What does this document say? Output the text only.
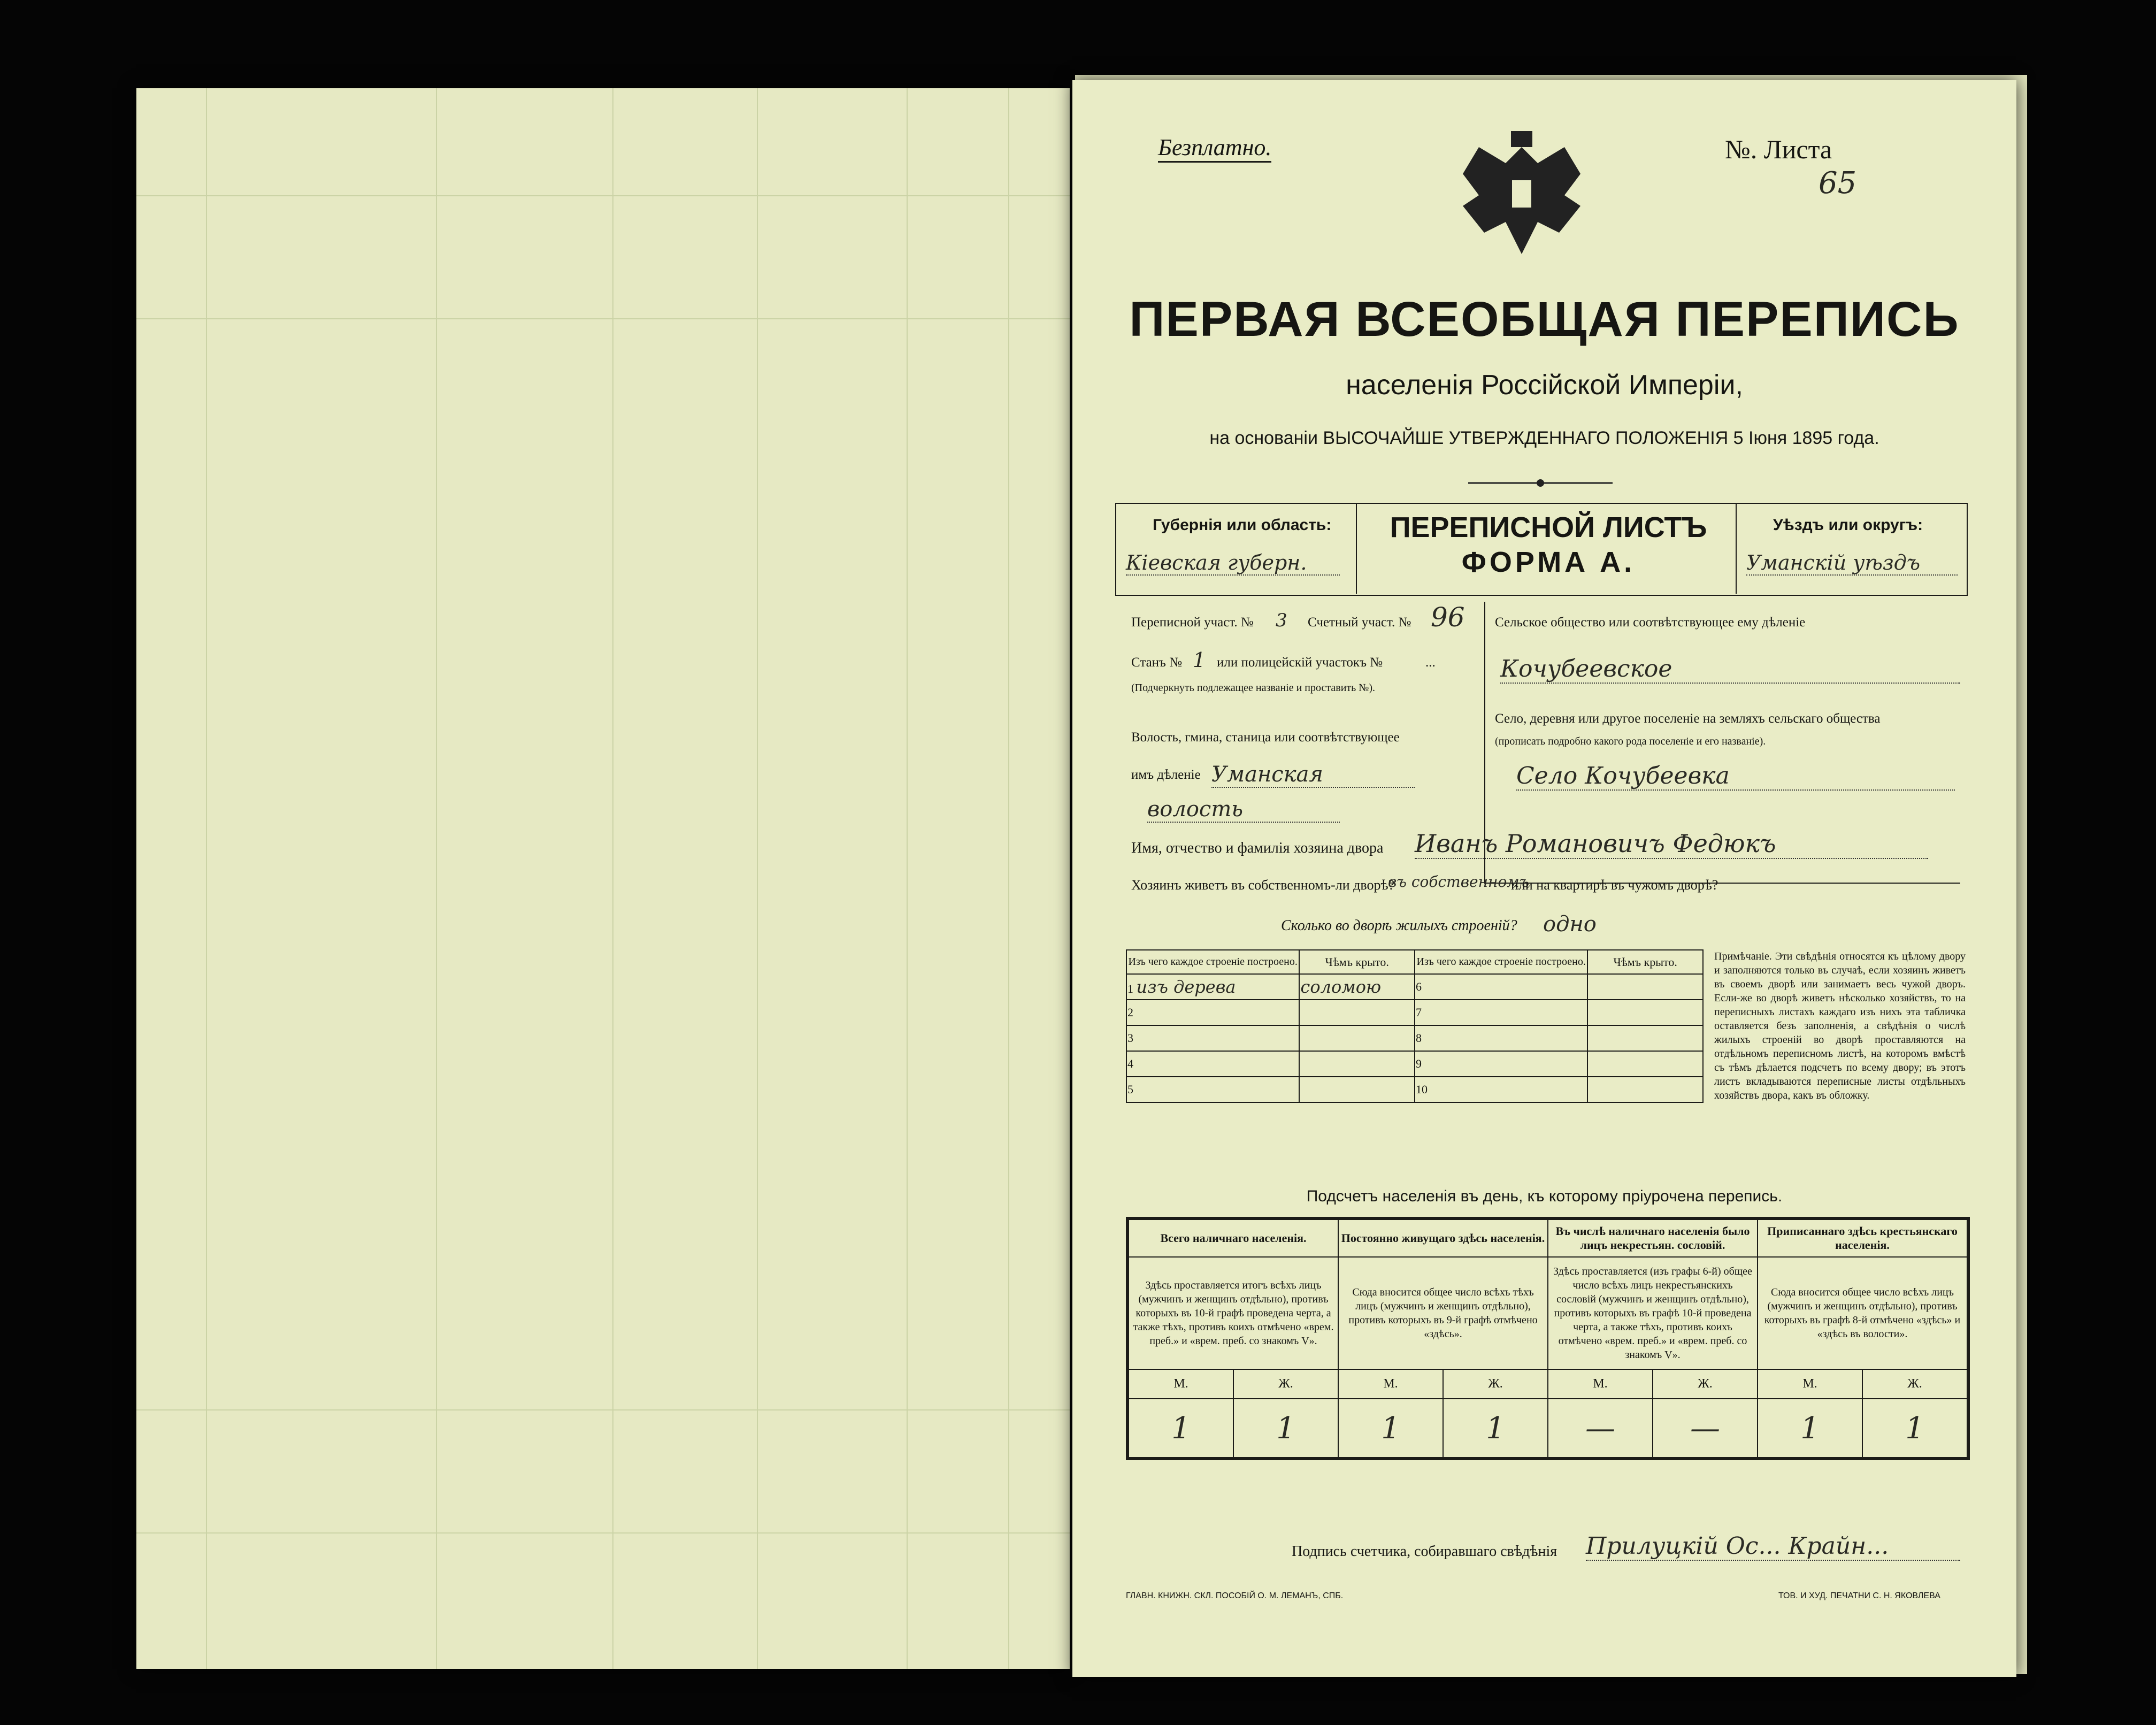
Безплатно.	№. Листа
65
ПЕРВАЯ ВСЕОБЩАЯ ПЕРЕПИСЬ
населенія Россійской Имперіи,
на основаніи ВЫСОЧАЙШЕ УТВЕРЖДЕННАГО ПОЛОЖЕНІЯ 5 Іюня 1895 года.
Губернія или область:
Кіевская губерн.
ПЕРЕПИСНОЙ ЛИСТЪ
ФОРМА А.
Уѣздъ или округъ:
Уманскій уѣздъ
Переписной участ. № 3 Счетный участ. № 96
Станъ № 1 или полицейскій участокъ №	...
(Подчеркнуть подлежащее названіе и проставить №).
Волость, гмина, станица или соотвѣтствующее
имъ дѣленіе Уманская
волость
Сельское общество или соотвѣтствующее ему дѣленіе
Кочубеевское
Село, деревня или другое поселеніе на земляхъ сельскаго общества
(прописать подробно какого рода поселеніе и его названіе).
Село Кочубеевка
Имя, отчество и фамилія хозяина двора Иванъ Романовичъ Федюкъ
Хозяинъ живетъ въ собственномъ-ли дворѣ?
въ собственномъ
или на квартирѣ въ чужомъ дворѣ?
Сколько во дворѣ жилыхъ строеній? одно
Изъ чего каждое строеніе построено.	Чѣмъ крыто.	Изъ чего каждое строеніе построено.	Чѣмъ крыто.
1 изъ дерева	соломою	6	
2		7	
3		8	
4		9	
5		10	
Примѣчаніе. Эти свѣдѣнія относятся къ цѣлому двору и заполняются только въ случаѣ, если хозяинъ живетъ въ своемъ дворѣ или занимаетъ весь чужой дворъ. Если-же во дворѣ живетъ нѣсколько хозяйствъ, то на переписныхъ листахъ каждаго изъ нихъ эта табличка оставляется безъ заполненія, а свѣдѣнія о числѣ жилыхъ строеній во дворѣ проставляются на отдѣльномъ переписномъ листѣ, на которомъ вмѣстѣ съ тѣмъ дѣлается подсчетъ по всему двору; въ этотъ листъ вкладываются переписные листы отдѣльныхъ хозяйствъ двора, какъ въ обложку.
Подсчетъ населенія въ день, къ которому пріурочена перепись.
Всего наличнаго населенія.		Постоянно живущаго здѣсь населенія.		Въ числѣ наличнаго населенія было лицъ некрестьян. сословій.		Приписаннаго здѣсь крестьянскаго населенія.	
Здѣсь проставляется итогъ всѣхъ лицъ (мужчинъ и женщинъ отдѣльно), противъ которыхъ въ 10-й графѣ проведена черта, а также тѣхъ, противъ коихъ отмѣчено «врем. преб.» и «врем. преб. со знакомъ V».		Сюда вносится общее число всѣхъ тѣхъ лицъ (мужчинъ и женщинъ отдѣльно), противъ которыхъ въ 9-й графѣ отмѣчено «здѣсь».		Здѣсь проставляется (изъ графы 6-й) общее число всѣхъ лицъ некрестьянскихъ сословій (мужчинъ и женщинъ отдѣльно), противъ которыхъ въ графѣ 10-й проведена черта, а также тѣхъ, противъ коихъ отмѣчено «врем. преб.» и «врем. преб. со знакомъ V».		Сюда вносится общее число всѣхъ лицъ (мужчинъ и женщинъ отдѣльно), противъ которыхъ въ графѣ 8-й отмѣчено «здѣсь» и «здѣсь въ волости».	
М.	Ж.	М.	Ж.	М.	Ж.	М.	Ж.
1	1	1	1	—	—	1	1
Подпись счетчика, собиравшаго свѣдѣнія Прилуцкій Ос... Крайн...
ГЛАВН. КНИЖН. СКЛ. ПОСОБІЙ О. М. ЛЕМАНЪ, СПБ.	ТОВ. И ХУД. ПЕЧАТНИ С. Н. ЯКОВЛЕВА
